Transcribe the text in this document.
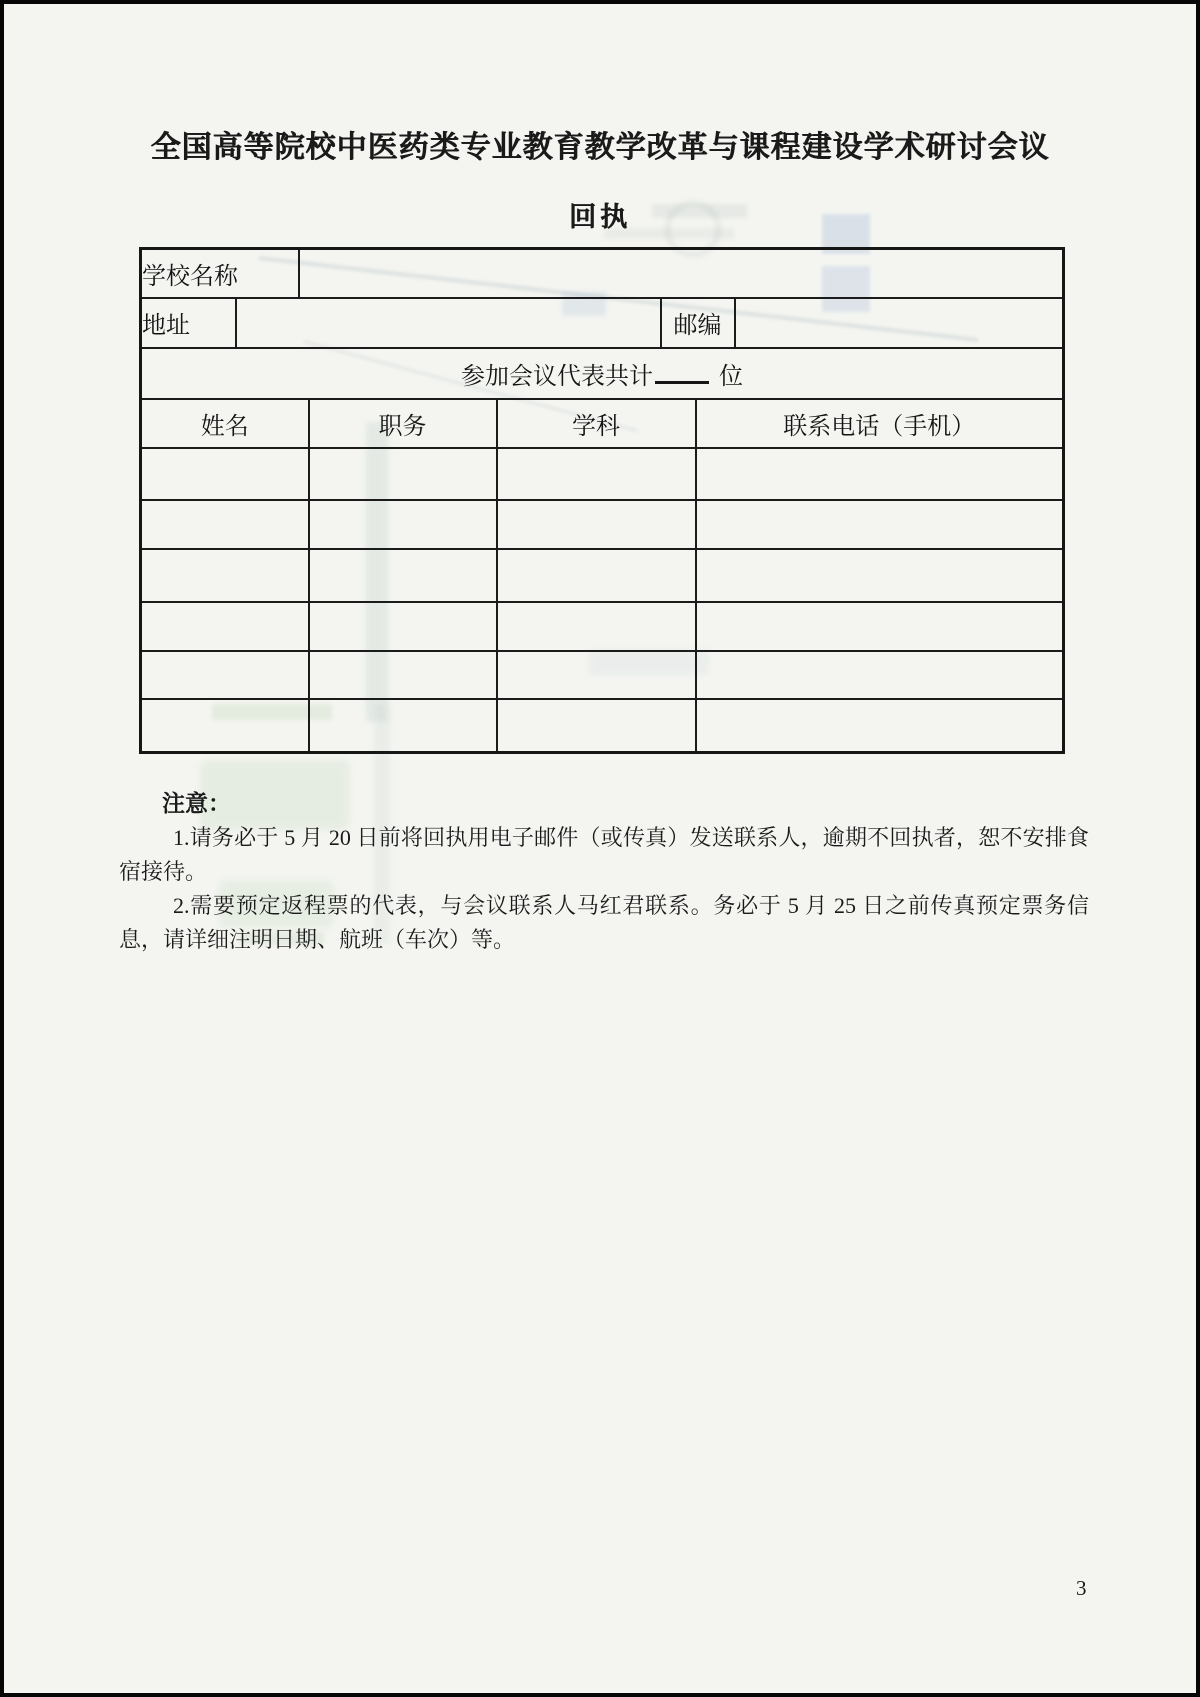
全国高等院校中医药类专业教育教学改革与课程建设学术研讨会议
回执
学校名称							
地址					邮编		
参加会议代表共计 位							
姓名			职务	学科		联系电话（手机）	

注意：

1.请务必于 5 月 20 日前将回执用电子邮件（或传真）发送联系人，逾期不回执者，恕不安排食宿接待。

2.需要预定返程票的代表，与会议联系人马红君联系。务必于 5 月 25 日之前传真预定票务信息，请详细注明日期、航班（车次）等。

3
